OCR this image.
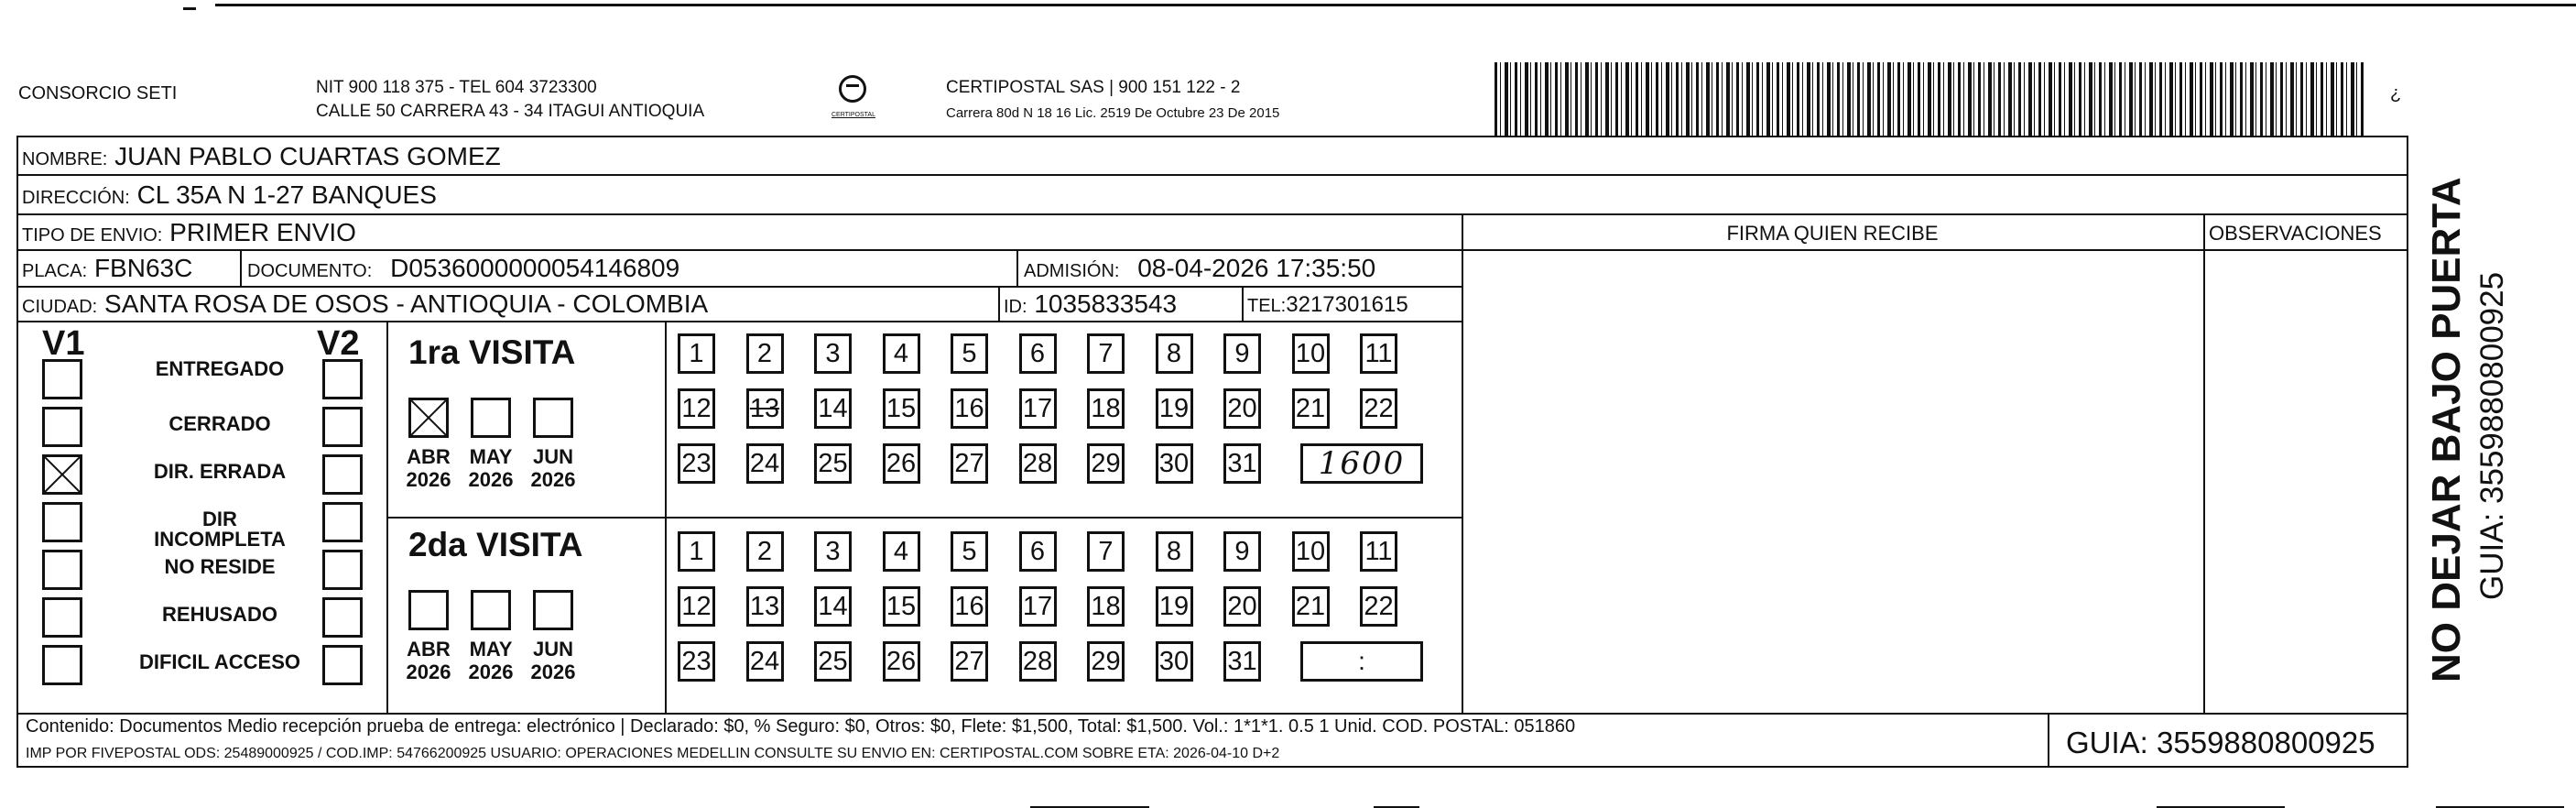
CONSORCIO SETI	NIT 900 118 375 - TEL 604 3723300
CALLE 50 CARRERA 43 - 34 ITAGUI ANTIOQUIA	CERTIPOSTAL
CERTIPOSTAL SAS | 900 151 122 - 2
Carrera 80d N 18 16 Lic. 2519 De Octubre 23 De 2015
¿
NOMBRE: JUAN PABLO CUARTAS GOMEZ
DIRECCIÓN: CL 35A N 1-27 BANQUES
TIPO DE ENVIO: PRIMER ENVIO
PLACA: FBN63C	DOCUMENTO: D0536000000054146809	ADMISIÓN: 08-04-2026 17:35:50
CIUDAD: SANTA ROSA DE OSOS - ANTIOQUIA - COLOMBIA	ID: 1035833543	TEL:3217301615
FIRMA QUIEN RECIBE	OBSERVACIONES
V1	V2 1ra VISITA
2da VISITA
Contenido: Documentos Medio recepción prueba de entrega: electrónico | Declarado: $0, % Seguro: $0, Otros: $0, Flete: $1,500, Total: $1,500. Vol.: 1*1*1. 0.5 1 Unid. COD. POSTAL: 051860
IMP POR FIVEPOSTAL ODS: 25489000925 / COD.IMP: 54766200925 USUARIO: OPERACIONES MEDELLIN CONSULTE SU ENVIO EN: CERTIPOSTAL.COM SOBRE ETA: 2026-04-10 D+2	GUIA: 3559880800925
NO DEJAR BAJO PUERTA GUIA: 3559880800925
ENTREGADO
CERRADO
DIR. ERRADA
DIR INCOMPLETA
NO RESIDE
REHUSADO
DIFICIL ACCESO
ABR
2026
MAY
2026
JUN
2026
ABR
2026
MAY
2026
JUN
2026
1	2	3	4	5	6	7	8	9	10 11
12 13 14 15 16 17 18 19 20 21 22
23 24 25 26 27 28 29 30 31	1600
1	2	3	4	5	6	7	8	9	10 11
12 13 14 15 16 17 18 19 20 21 22
23 24 25 26 27 28 29 30 31	:
